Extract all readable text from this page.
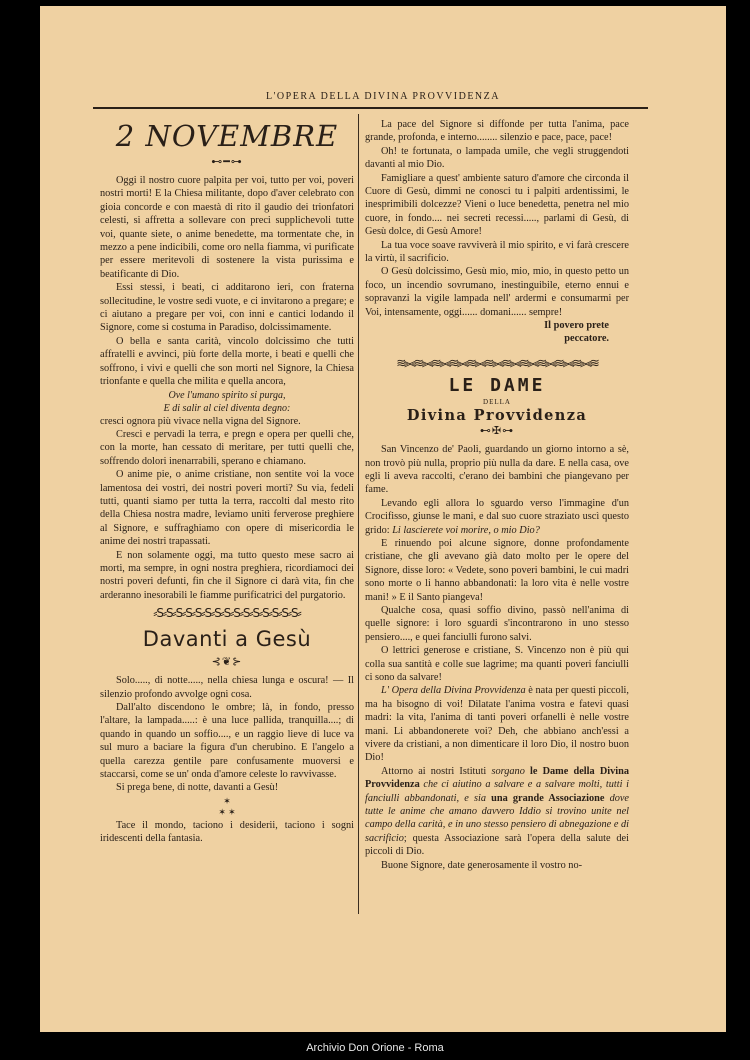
L'OPERA DELLA DIVINA PROVVIDENZA
2 NOVEMBRE
⊷━⊶

Oggi il nostro cuore palpita per voi, tutto per voi, poveri nostri morti! E la Chiesa militante, dopo d'aver celebrato con gioia concorde e con maestà di rito il gaudio dei trionfatori celesti, si affretta a sollevare con preci supplichevoli tutte voi, quante siete, o anime benedette, ma tormentate che, in mezzo a pene indicibili, come oro nella fiamma, vi purificate per essere meritevoli di sostenere la vista purissima e beatificante di Dio.

Essi stessi, i beati, ci additarono ieri, con fraterna sollecitudine, le vostre sedi vuote, e ci invitarono a pregare; e ci aiutano a pregare per voi, con inni e cantici lodando il Signore, come si costuma in Paradiso, dolcissimamente.

O bella e santa carità, vincolo dolcissimo che tutti affratelli e avvinci, più forte della morte, i beati e quelli che soffrono, i vivi e quelli che son morti nel Signore, la Chiesa trionfante e quella che milita e quella ancora,

Ove l'umano spirito si purga,
E di salir al ciel diventa degno:

cresci ognora più vivace nella vigna del Signore.

Cresci e pervadi la terra, e pregn e opera per quelli che, con la morte, han cessato di meritare, per tutti quelli che, soffrendo dolori inenarrabili, sperano e chiamano.

O anime pie, o anime cristiane, non sentite voi la voce lamentosa dei vostri, dei nostri poveri morti? Su via, fedeli tutti, quanti siamo per tutta la terra, raccolti dal mesto rito della Chiesa nostra madre, leviamo unitì ferverose preghiere al Signore, e suffraghiamo con opere di misericordia le anime dei nostri trapassati.

E non solamente oggi, ma tutto questo mese sacro ai morti, ma sempre, in ogni nostra preghiera, ricordiamoci dei nostri poveri defunti, fin che il Signore ci darà vita, fin che arderanno inesorabili le fiamme purificatrici del purgatorio.

⸗S⸗S⸗S⸗S⸗S⸗S⸗S⸗S⸗S⸗S⸗S⸗S⸗S⸗S⸗S⸗
Davanti a Gesù
⊰❦⊱

Solo....., di notte....., nella chiesa lunga e oscura! — Il silenzio profondo avvolge ogni cosa.

Dall'alto discendono le ombre; là, in fondo, presso l'altare, la lampada.....: è una luce pallida, tranquilla....; di quando in quando un soffio...., e un raggio lieve di luce va sul muro a baciare la figura d'un cherubino. E l'angelo a quella carezza gentile pare confusamente muoversi e staccarsi, come se un' onda d'amore celeste lo ravvivasse.

Si prega bene, di notte, davanti a Gesù!

✶
✶ ✶

Tace il mondo, taciono i desiderii, taciono i sogni iridescenti della fantasia.

La pace del Signore si diffonde per tutta l'anima, pace grande, profonda, e interno........ silenzio e pace, pace, pace!

Oh! te fortunata, o lampada umile, che vegli struggendoti davanti al mio Dio.

Famigliare a quest' ambiente saturo d'amore che circonda il Cuore di Gesù, dimmi ne conosci tu i palpiti ardentissimi, le inesprimibili dolcezze? Vieni o luce benedetta, penetra nel mio cuore, in fondo.... nei secreti recessi....., parlami di Gesù, di Gesù dolce, di Gesù Amore!

La tua voce soave ravviverà il mio spirito, e vi farà crescere la virtù, il sacrificio.

O Gesù dolcissimo, Gesù mio, mio, mio, in questo petto un foco, un incendio sovrumano, inestinguibile, eterno ennui e sopravanzi la vigile lampada nell' ardermi e consumarmi per Voi, intensamente, oggi...... domani...... sempre!

Il povero prete
peccatore.
≋⫸⫷≋⫸⫷≋⫸⫷≋⫸⫷≋⫸⫷≋⫸⫷≋⫸⫷≋⫸⫷≋⫸⫷≋⫸⫷≋⫸⫷≋
LE DAME
DELLA
Divina Provvidenza
⊷✠⊶

San Vincenzo de' Paoli, guardando un giorno intorno a sè, non trovò più nulla, proprio più nulla da dare. E nella casa, ove egli li aveva raccolti, c'erano dei bambini che piangevano per fame.

Levando egli allora lo sguardo verso l'immagine d'un Crocifisso, giunse le mani, e dal suo cuore straziato uscì questo grido: Li lascierete voi morire, o mio Dio?

E rinuendo poi alcune signore, donne profondamente cristiane, che gli avevano già dato molto per le opere del Signore, disse loro: « Vedete, sono poveri bambini, le cui madri sono morte o li hanno abbandonati: la loro vita è nelle vostre mani! » E il Santo piangeva!

Qualche cosa, quasi soffio divino, passò nell'anima di quelle signore: i loro sguardi s'incontrarono in uno stesso pensiero...., e quei fanciulli furono salvi.

O lettrici generose e cristiane, S. Vincenzo non è più qui colla sua santità e colle sue lagrime; ma quanti poveri fanciulli ci sono da salvare!

L' Opera della Divina Provvidenza è nata per questi piccoli, ma ha bisogno di voi! Dilatate l'anima vostra e fatevi quasi madri: la vita, l'anima di tanti poveri orfanelli è nelle vostre mani. Li abbandonerete voi? Deh, che abbiano anch'essi a vivere da cristiani, a non dimenticare il loro Dio, il nostro buon Dio!

Attorno ai nostri Istituti sorgano le Dame della Divina Provvidenza che ci aiutino a salvare e a salvare molti, tutti i fanciulli abbandonati, e sia una grande Associazione dove tutte le anime che amano davvero Iddio si trovino unite nel campo della carità, e in uno stesso pensiero di abnegazione e di sacrificio; questa Associazione sarà l'opera della salute dei piccoli di Dio.

Buone Signore, date generosamente il vostro no-

Archivio Don Orione - Roma
